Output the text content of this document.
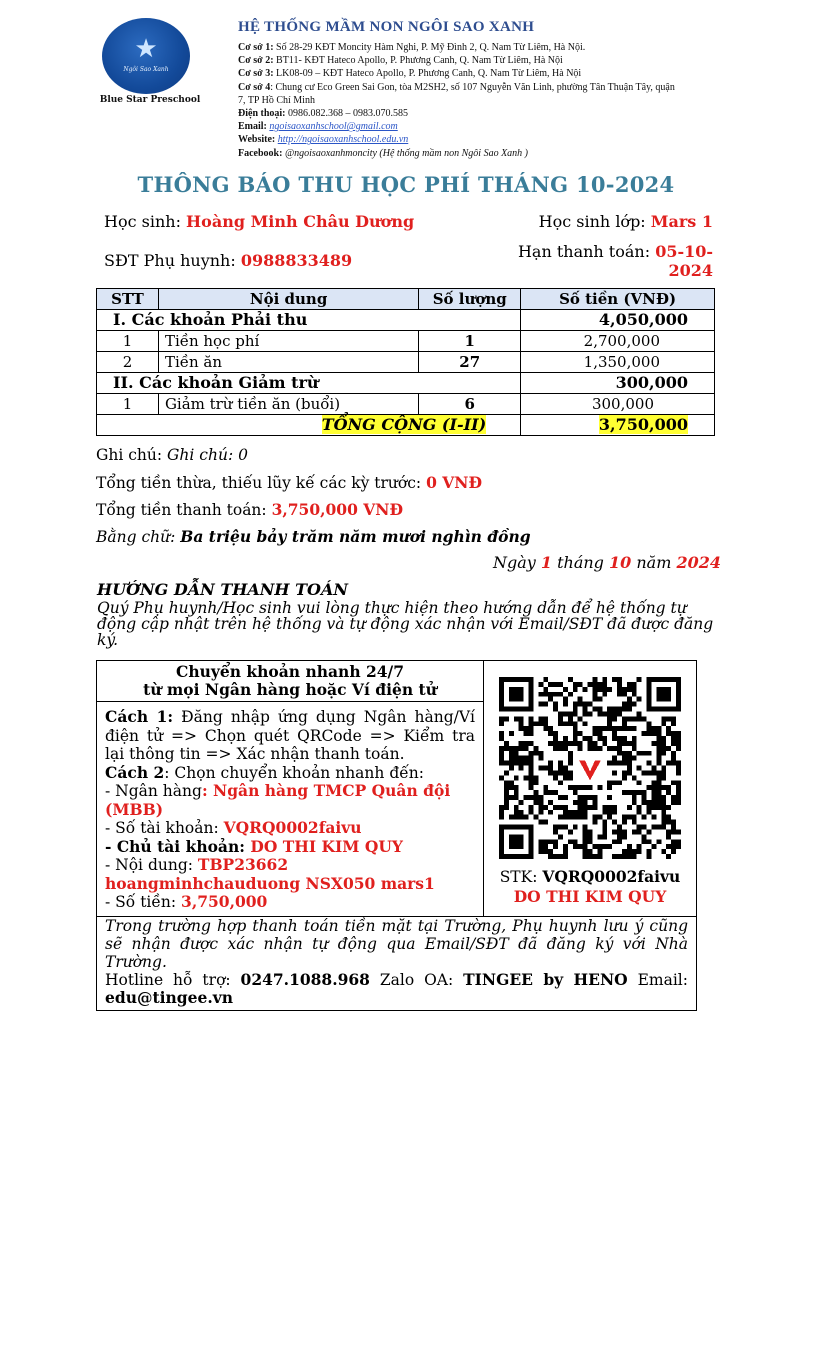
★
Ngôi Sao Xanh
Blue Star Preschool
HỆ THỐNG MẦM NON NGÔI SAO XANH
Cơ sở 1: Số 28-29 KĐT Moncity Hàm Nghi, P. Mỹ Đình 2, Q. Nam Từ Liêm, Hà Nội.
Cơ sở 2: BT11- KĐT Hateco Apollo, P. Phương Canh, Q. Nam Từ Liêm, Hà Nội
Cơ sở 3: LK08-09 – KĐT Hateco Apollo, P. Phương Canh, Q. Nam Từ Liêm, Hà Nội
Cơ sở 4: Chung cư Eco Green Sai Gon, tòa M2SH2, số 107 Nguyễn Văn Linh, phường Tân Thuận Tây, quận 7, TP Hồ Chí Minh
Điện thoại: 0986.082.368 – 0983.070.585
Email: ngoisaoxanhschool@gmail.com
Website: http://ngoisaoxanhschool.edu.vn
Facebook: @ngoisaoxanhmoncity (Hệ thống mầm non Ngôi Sao Xanh )
THÔNG BÁO THU HỌC PHÍ THÁNG 10-2024
Học sinh: Hoàng Minh Châu Dương	Học sinh lớp: Mars 1
SĐT Phụ huynh: 0988833489	Hạn thanh toán: 05-10-
2024
STT	Nội dung	Số lượng	Số tiền (VNĐ)
I. Các khoản Phải thu			4,050,000
1	Tiền học phí	1	2,700,000
2	Tiền ăn	27	1,350,000
II. Các khoản Giảm trừ			300,000
1	Giảm trừ tiền ăn (buổi)	6	300,000
TỔNG CỘNG (I-II)			3,750,000
Ghi chú: Ghi chú: 0
Tổng tiền thừa, thiếu lũy kế các kỳ trước: 0 VNĐ
Tổng tiền thanh toán: 3,750,000 VNĐ
Bằng chữ: Ba triệu bảy trăm năm mươi nghìn đồng
Ngày 1 tháng 10 năm 2024
HƯỚNG DẪN THANH TOÁN
Quý Phụ huynh/Học sinh vui lòng thực hiện theo hướng dẫn để hệ thống tự động cập nhật trên hệ thống và tự động xác nhận với Email/SĐT đã được đăng ký.
Chuyển khoản nhanh 24/7
từ mọi Ngân hàng hoặc Ví điện tử

STK: VQRQ0002faivu
DO THI KIM QUY

Cách 1: Đăng nhập ứng dụng Ngân hàng/Ví điện tử => Chọn quét QRCode => Kiểm tra lại thông tin => Xác nhận thanh toán.
Cách 2: Chọn chuyển khoản nhanh đến:
- Ngân hàng: Ngân hàng TMCP Quân đội (MBB)
- Số tài khoản: VQRQ0002faivu
- Chủ tài khoản: DO THI KIM QUY
- Nội dung: TBP23662 hoangminhchauduong NSX050 mars1
- Số tiền: 3,750,000

Trong trường hợp thanh toán tiền mặt tại Trường, Phụ huynh lưu ý cũng sẽ nhận được xác nhận tự động qua Email/SĐT đã đăng ký với Nhà Trường.
Hotline hỗ trợ: 0247.1088.968 Zalo OA: TINGEE by HENO Email: edu@tingee.vn
